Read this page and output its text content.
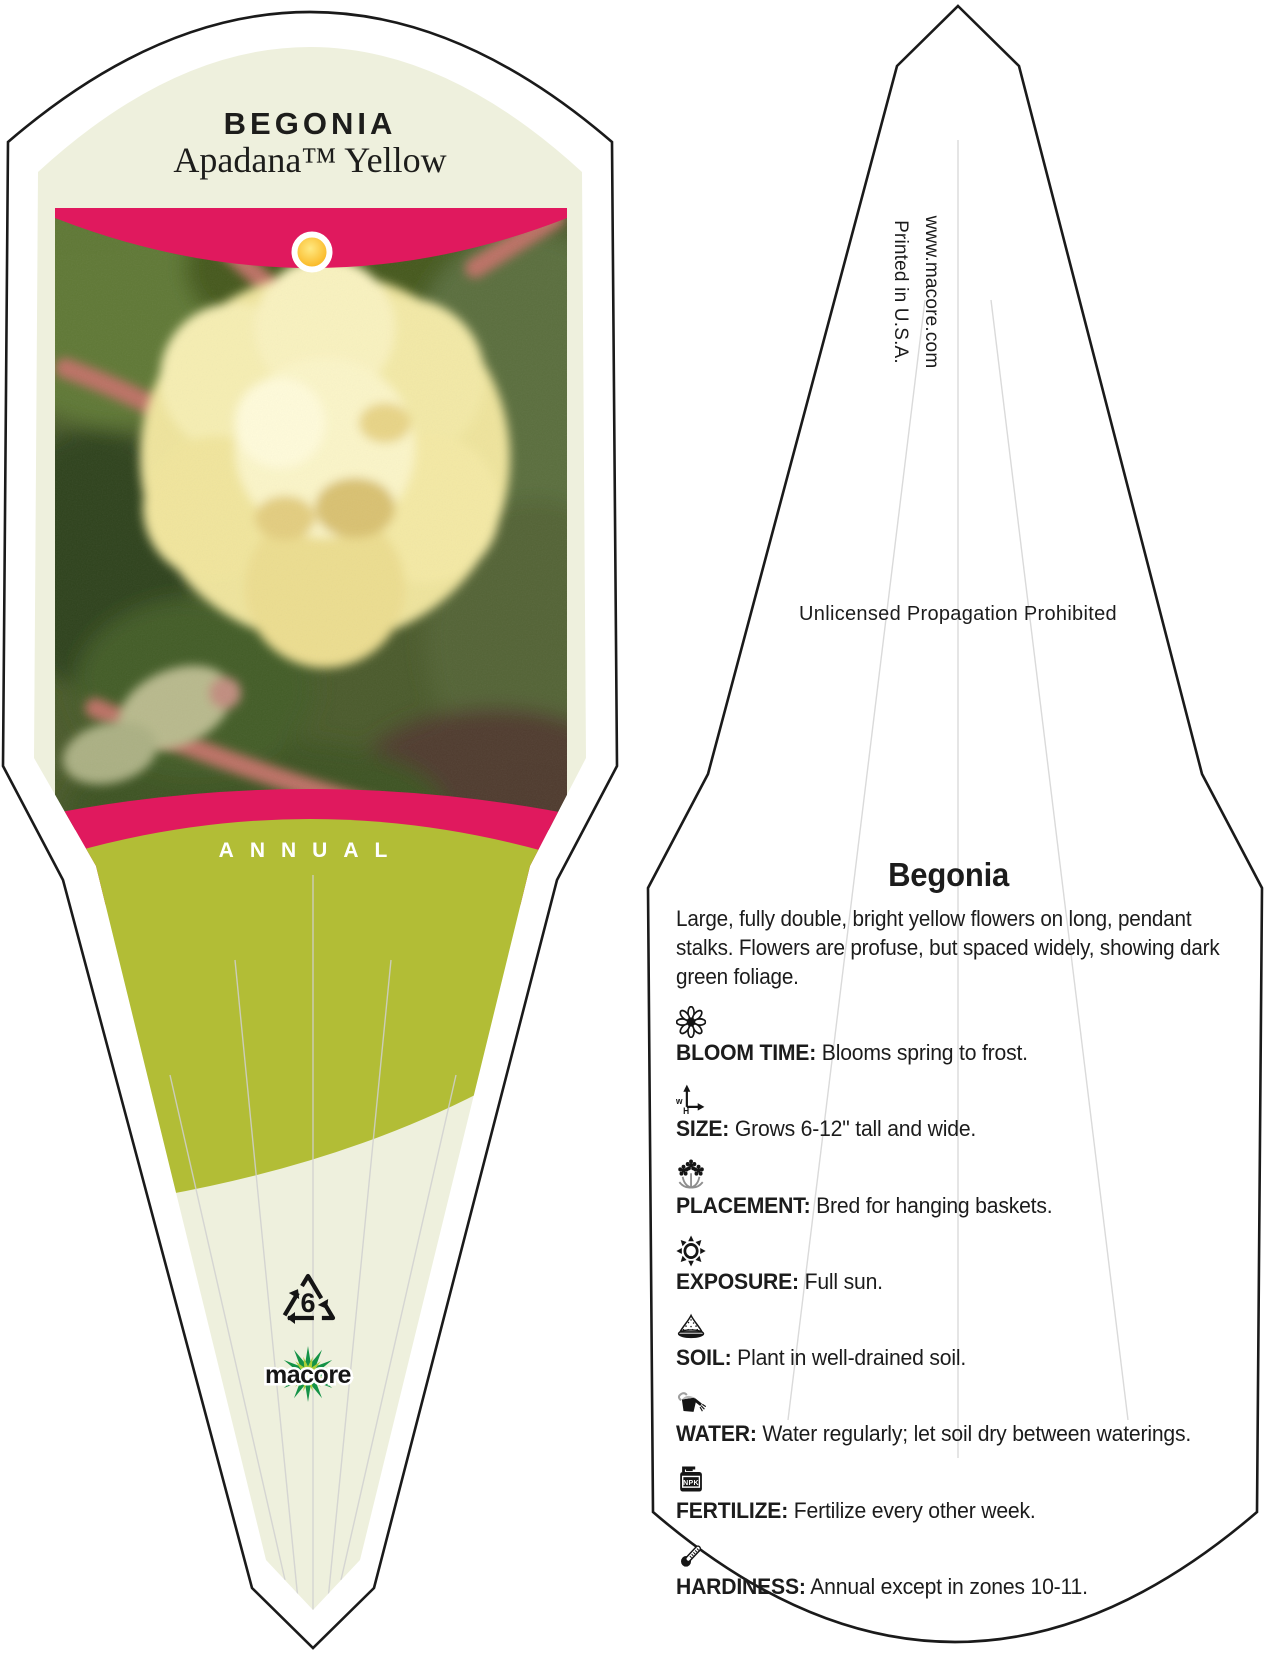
BEGONIA
Apadana™ Yellow
ANNUAL
6
macore
Printed in U.S.A. www.macore.com
Unlicensed Propagation Prohibited
Begonia

Large, fully double, bright yellow flowers on long, pendant stalks. Flowers are profuse, but spaced widely, showing dark green foliage.

BLOOM TIME: Blooms spring to frost.
w
H
SIZE: Grows 6-12" tall and wide.
PLACEMENT: Bred for hanging baskets.
EXPOSURE: Full sun.
SOIL: Plant in well-drained soil.
WATER: Water regularly; let soil dry between waterings.
NPK
FERTILIZE: Fertilize every other week.
HARDINESS: Annual except in zones 10-11.
